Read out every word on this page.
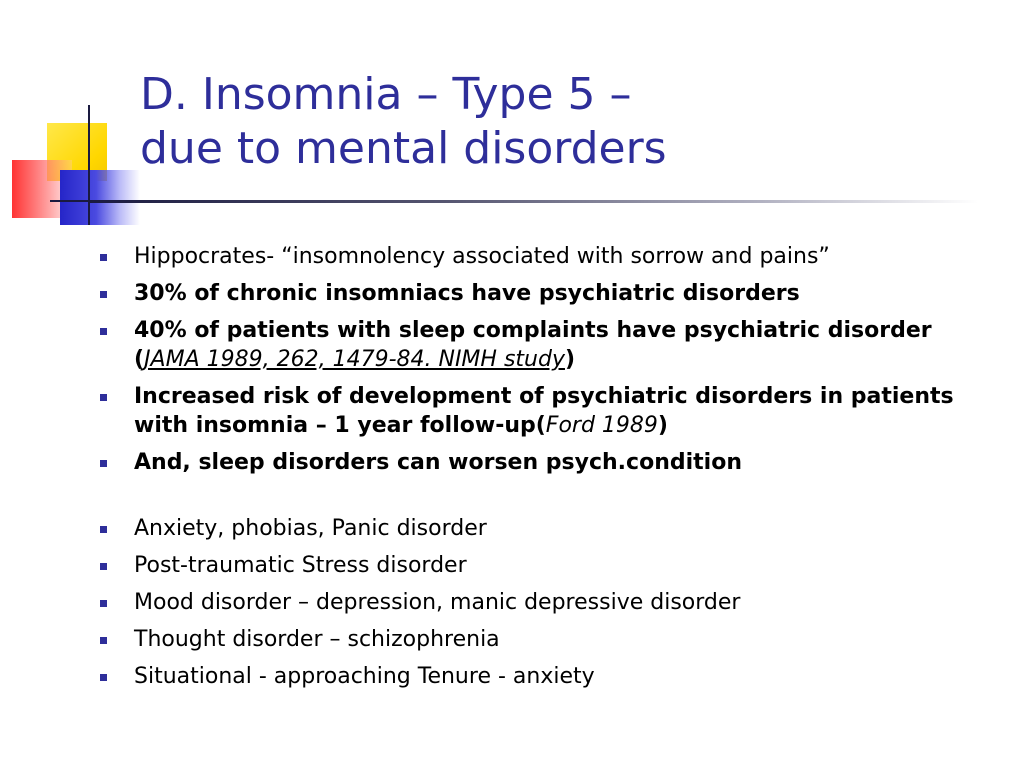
D. Insomnia – Type 5 –
due to mental disorders
Hippocrates- “insomnolency associated with sorrow and pains”
30% of chronic insomniacs have psychiatric disorders
40% of patients with sleep complaints have psychiatric disorder (JAMA 1989, 262, 1479-84. NIMH study)
Increased risk of development of psychiatric disorders in patients with insomnia – 1 year follow-up(Ford 1989)
And, sleep disorders can worsen psych.condition
Anxiety, phobias, Panic disorder
Post-traumatic Stress disorder
Mood disorder – depression, manic depressive disorder
Thought disorder – schizophrenia
Situational - approaching Tenure - anxiety
